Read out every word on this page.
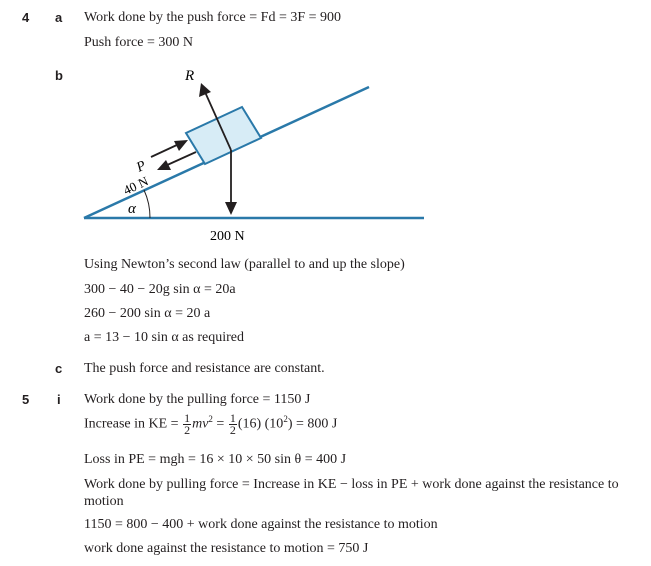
4 a Work done by the push force = Fd = 3F = 900
Push force = 300 N
b	R
P
40 N
α
200 N
Using Newton’s second law (parallel to and up the slope)
300 − 40 − 20g sin α = 20a
260 − 200 sin α = 20 a
a = 13 − 10 sin α as required
c The push force and resistance are constant.
5 i Work done by the pulling force = 1150 J
Increase in KE = $\frac{1}{2} mv^2 = \frac{1}{2} (16) (10^2) = 800$ J
Loss in PE = mgh = 16 × 10 × 50 sin θ = 400 J
Work done by pulling force = Increase in KE − loss in PE + work done against the resistance to motion
1150 = 800 − 400 + work done against the resistance to motion
work done against the resistance to motion = 750 J
